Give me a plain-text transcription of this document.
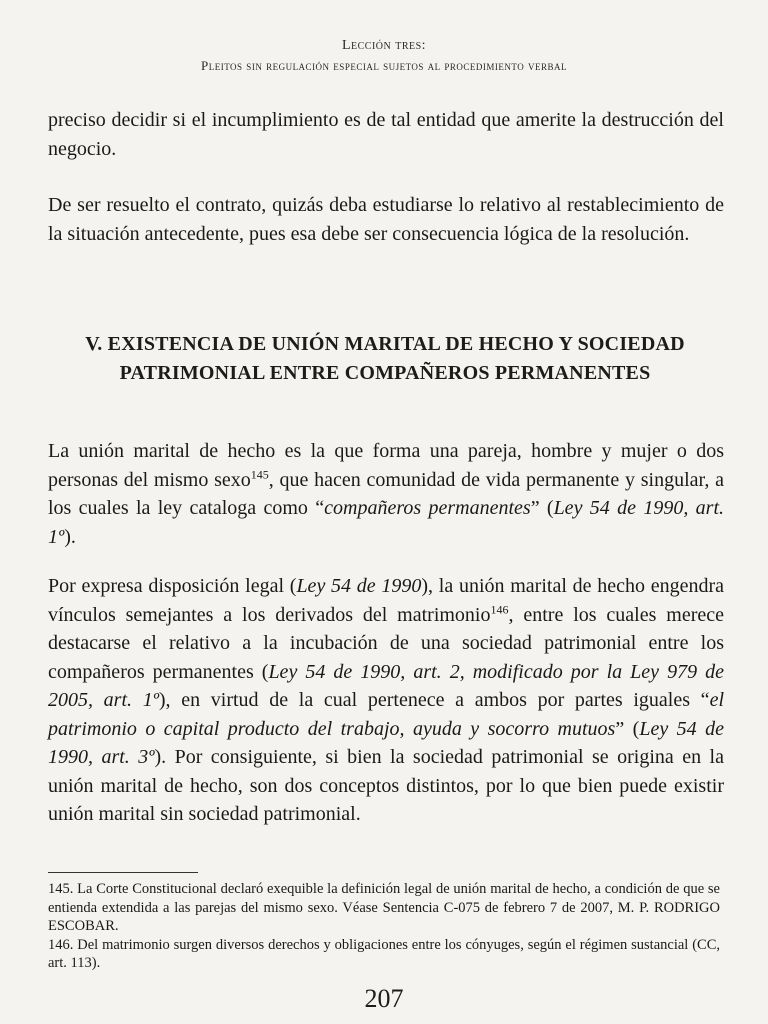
Lección tres:
Pleitos sin regulación especial sujetos al procedimiento verbal
preciso decidir si el incumplimiento es de tal entidad que amerite la destrucción del negocio.
De ser resuelto el contrato, quizás deba estudiarse lo relativo al restablecimiento de la situación antecedente, pues esa debe ser consecuencia lógica de la resolución.
V. EXISTENCIA DE UNIÓN MARITAL DE HECHO Y SOCIEDAD PATRIMONIAL ENTRE COMPAÑEROS PERMANENTES
La unión marital de hecho es la que forma una pareja, hombre y mujer o dos personas del mismo sexo$^{145}$, que hacen comunidad de vida permanente y singular, a los cuales la ley cataloga como “compañeros permanentes” (Ley 54 de 1990, art. 1º).
Por expresa disposición legal (Ley 54 de 1990), la unión marital de hecho engendra vínculos semejantes a los derivados del matrimonio$^{146}$, entre los cuales merece destacarse el relativo a la incubación de una sociedad patrimonial entre los compañeros permanentes (Ley 54 de 1990, art. 2, modificado por la Ley 979 de 2005, art. 1º), en virtud de la cual pertenece a ambos por partes iguales “el patrimonio o capital producto del trabajo, ayuda y socorro mutuos” (Ley 54 de 1990, art. 3º). Por consiguiente, si bien la sociedad patrimonial se origina en la unión marital de hecho, son dos conceptos distintos, por lo que bien puede existir unión marital sin sociedad patrimonial.

145. La Corte Constitucional declaró exequible la definición legal de unión marital de hecho, a condición de que se entienda extendida a las parejas del mismo sexo. Véase Sentencia C-075 de febrero 7 de 2007, M. P. RODRIGO ESCOBAR.

146. Del matrimonio surgen diversos derechos y obligaciones entre los cónyuges, según el régimen sustancial (CC, art. 113).

207
